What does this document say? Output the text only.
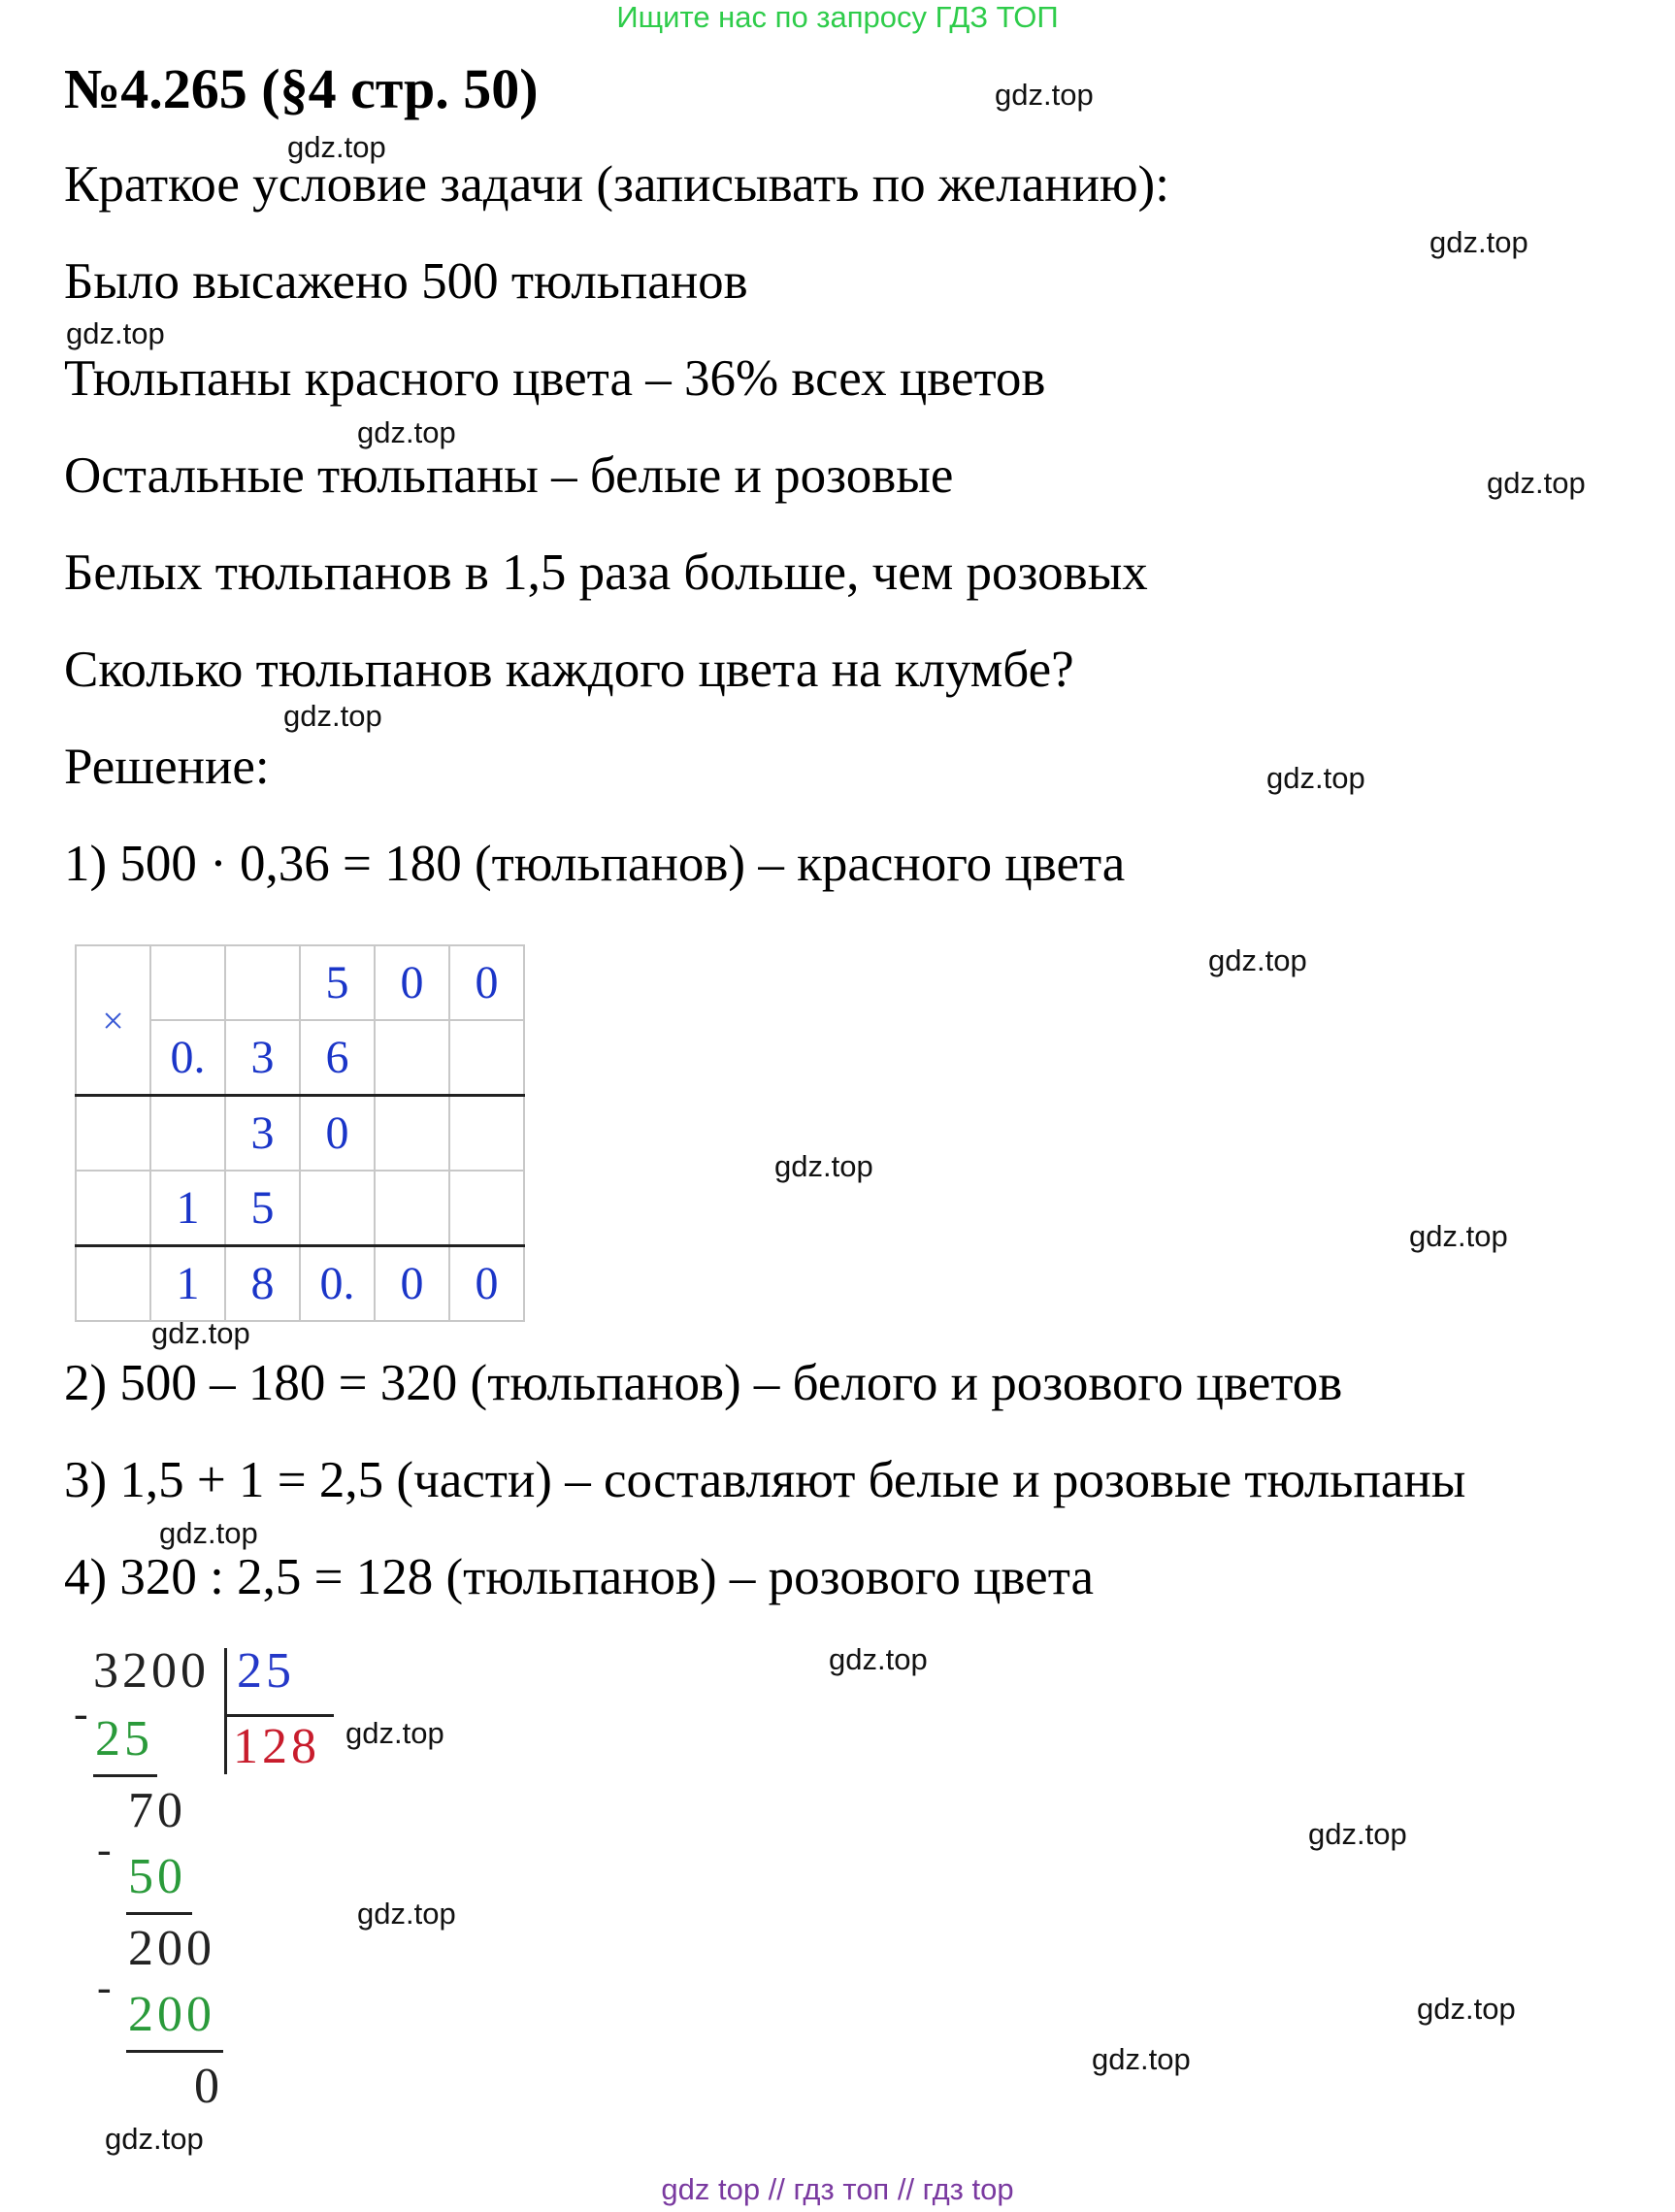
Ищите нас по запросу ГДЗ ТОП
№4.265 (§4 стр. 50)
Краткое условие задачи (записывать по желанию):
Было высажено 500 тюльпанов
Тюльпаны красного цвета – 36% всех цветов
Остальные тюльпаны – белые и розовые
Белых тюльпанов в 1,5 раза больше, чем розовых
Сколько тюльпанов каждого цвета на клумбе?
Решение:
1) 500 · 0,36 = 180 (тюльпанов) – красного цвета
×			5	0	0
	0.	3	6		
		3	0		
	1	5			
	1	8	0.	0	0
2) 500 – 180 = 320 (тюльпанов) – белого и розового цветов
3) 1,5 + 1 = 2,5 (части) – составляют белые и розовые тюльпаны
4) 320 : 2,5 = 128 (тюльпанов) – розового цвета
3200 25
128
- 25
70
- 50
200
- 200
0
gdz.top
gdz.top
gdz.top
gdz.top
gdz.top
gdz.top
gdz.top
gdz.top
gdz.top
gdz.top
gdz.top
gdz.top
gdz.top
gdz.top
gdz.top
gdz.top
gdz.top
gdz.top
gdz.top
gdz.top
gdz top // гдз топ // гдз top
